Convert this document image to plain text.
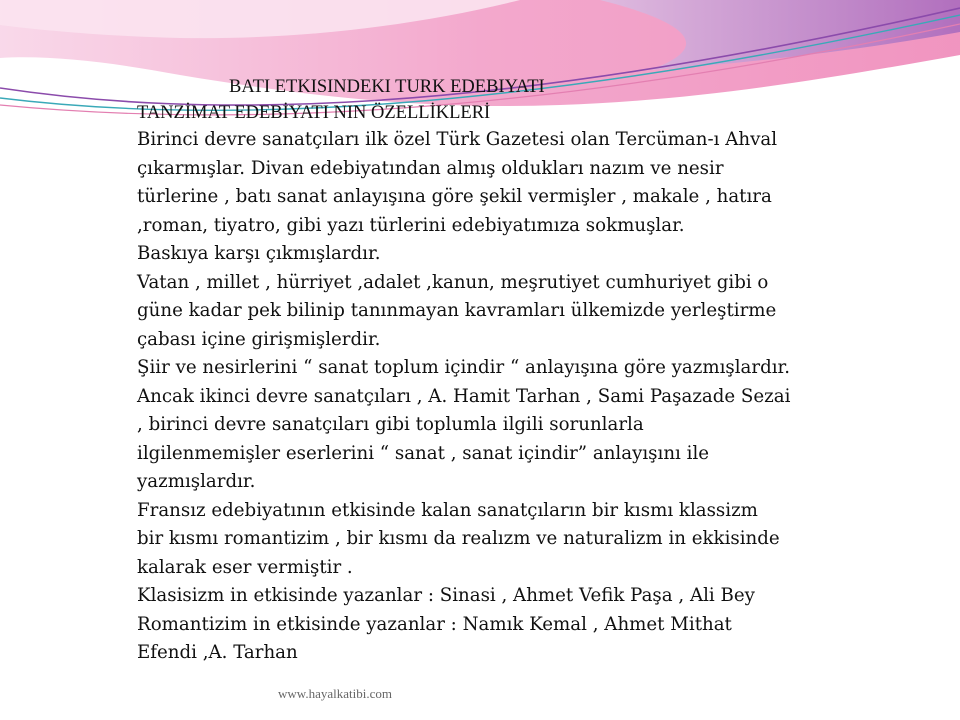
BATI ETKISINDEKI TURK EDEBIYATI
TANZİMAT EDEBİYATI NIN ÖZELLİKLERİ
Birinci devre sanatçıları ilk özel Türk Gazetesi olan Tercüman-ı Ahval
çıkarmışlar. Divan edebiyatından almış oldukları nazım ve nesir
türlerine , batı sanat anlayışına göre şekil vermişler , makale , hatıra
,roman, tiyatro, gibi yazı türlerini edebiyatımıza sokmuşlar.
Baskıya karşı çıkmışlardır.
Vatan , millet , hürriyet ,adalet ,kanun, meşrutiyet cumhuriyet gibi o
güne kadar pek bilinip tanınmayan kavramları ülkemizde yerleştirme
çabası içine girişmişlerdir.
Şiir ve nesirlerini “ sanat toplum içindir “ anlayışına göre yazmışlardır.
Ancak ikinci devre sanatçıları , A. Hamit Tarhan , Sami Paşazade Sezai
, birinci devre sanatçıları gibi toplumla ilgili sorunlarla
ilgilenmemişler eserlerini “ sanat , sanat içindir” anlayışını ile
yazmışlardır.
Fransız edebiyatının etkisinde kalan sanatçıların bir kısmı klassizm
bir kısmı romantizim , bir kısmı da realızm ve naturalizm in ekkisinde
kalarak eser vermiştir .
Klasisizm in etkisinde yazanlar : Sinasi , Ahmet Vefik Paşa , Ali Bey
Romantizim in etkisinde yazanlar : Namık Kemal , Ahmet Mithat
Efendi ,A. Tarhan
www.hayalkatibi.com
